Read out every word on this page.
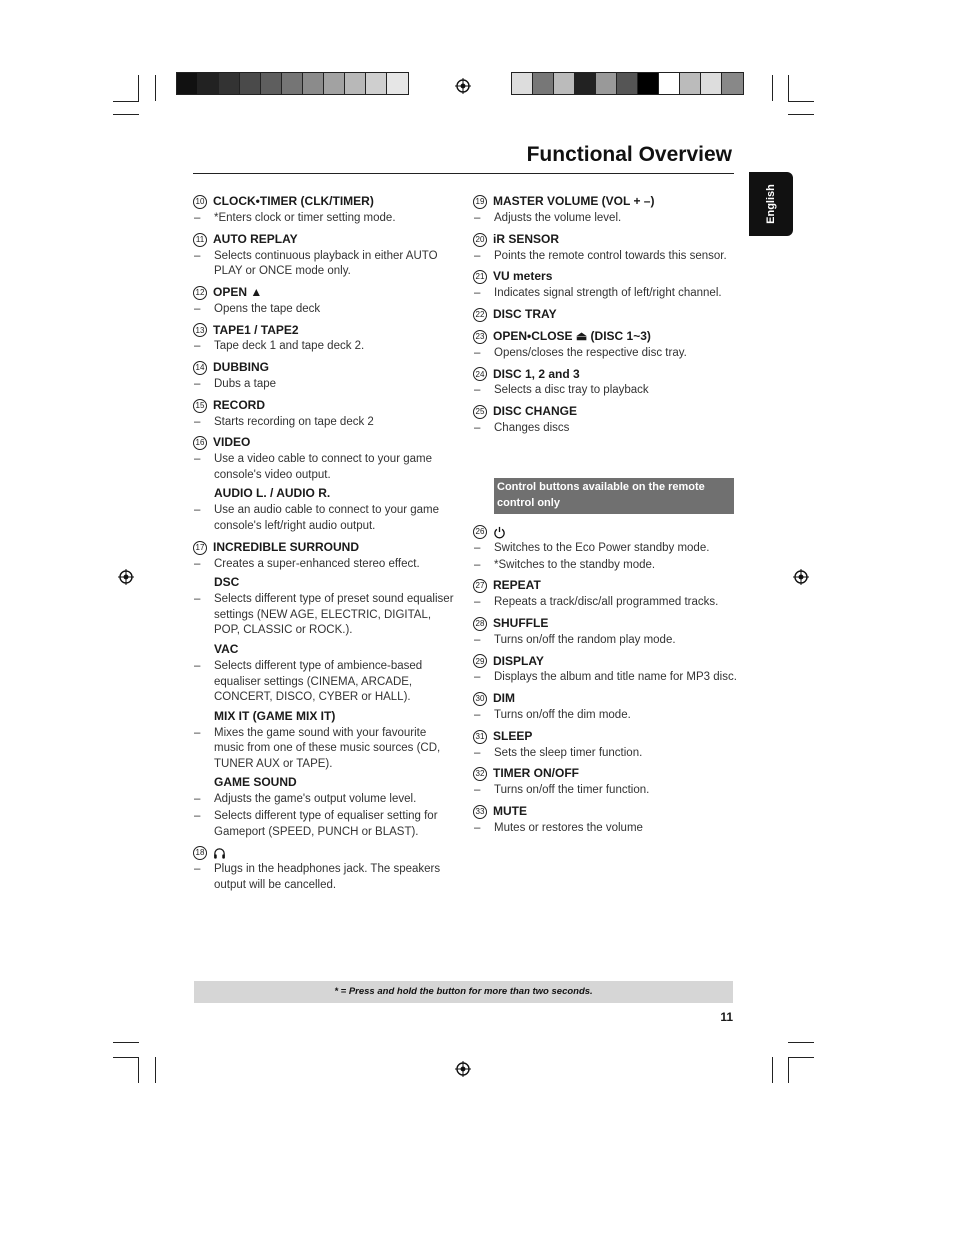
Functional Overview
English
10 CLOCK•TIMER (CLK/TIMER)
– *Enters clock or timer setting mode.
11 AUTO REPLAY
– Selects continuous playback in either AUTO PLAY or ONCE mode only.
12 OPEN ▲
– Opens the tape deck
13 TAPE1 / TAPE2
– Tape deck 1 and tape deck 2.
14 DUBBING
– Dubs a tape
15 RECORD
– Starts recording on tape deck 2
16 VIDEO
– Use a video cable to connect to your game console's video output.
AUDIO L. / AUDIO R.
– Use an audio cable to connect to your game console's left/right audio output.
17 INCREDIBLE SURROUND
– Creates a super-enhanced stereo effect.
DSC
– Selects different type of preset sound equaliser settings (NEW AGE, ELECTRIC, DIGITAL, POP, CLASSIC or ROCK.).
VAC
– Selects different type of ambience-based equaliser settings (CINEMA, ARCADE, CONCERT, DISCO, CYBER or HALL).
MIX IT (GAME MIX IT)
– Mixes the game sound with your favourite music from one of these music sources (CD, TUNER AUX or TAPE).
GAME SOUND
– Adjusts the game's output volume level.
– Selects different type of equaliser setting for Gameport (SPEED, PUNCH or BLAST).
18
– Plugs in the headphones jack. The speakers output will be cancelled.
19 MASTER VOLUME (VOL + –)
– Adjusts the volume level.
20 iR SENSOR
– Points the remote control towards this sensor.
21 VU meters
– Indicates signal strength of left/right channel.
22 DISC TRAY
23 OPEN•CLOSE ⏏ (DISC 1~3)
– Opens/closes the respective disc tray.
24 DISC 1, 2 and 3
– Selects a disc tray to playback
25 DISC CHANGE
– Changes discs
Control buttons available on the remote control only
26
– Switches to the Eco Power standby mode.
– *Switches to the standby mode.
27 REPEAT
– Repeats a track/disc/all programmed tracks.
28 SHUFFLE
– Turns on/off the random play mode.
29 DISPLAY
– Displays the album and title name for MP3 disc.
30 DIM
– Turns on/off the dim mode.
31 SLEEP
– Sets the sleep timer function.
32 TIMER ON/OFF
– Turns on/off the timer function.
33 MUTE
– Mutes or restores the volume
* = Press and hold the button for more than two seconds.
11
